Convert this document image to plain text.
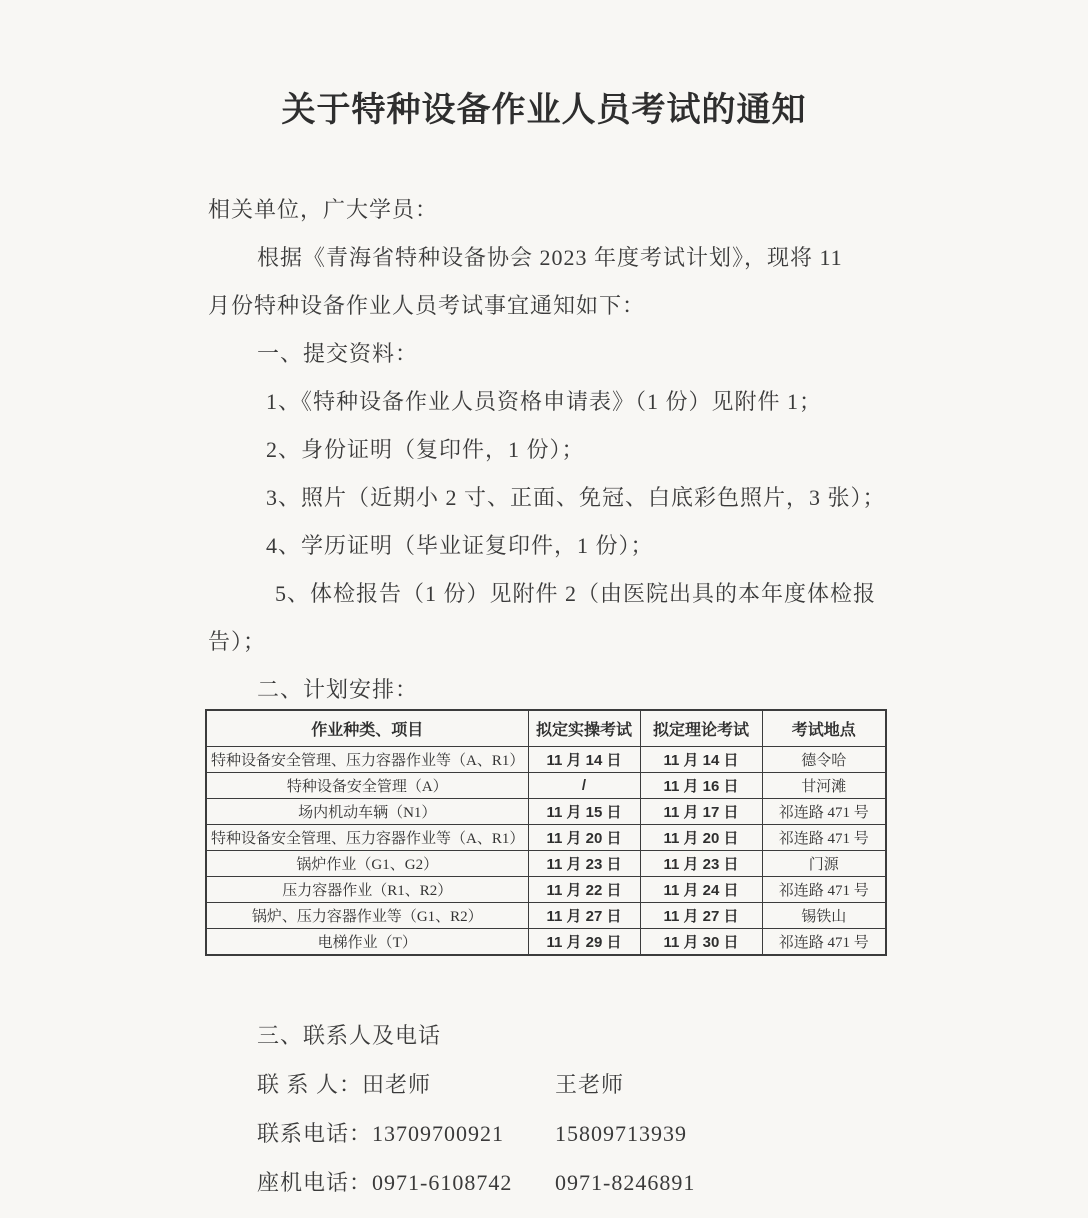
关于特种设备作业人员考试的通知

相关单位，广大学员：

根据《青海省特种设备协会 2023 年度考试计划》，现将 11

月份特种设备作业人员考试事宜通知如下：

一、提交资料：

1、《特种设备作业人员资格申请表》（1 份）见附件 1；

2、身份证明（复印件，1 份）；

3、照片（近期小 2 寸、正面、免冠、白底彩色照片，3 张）；

4、学历证明（毕业证复印件，1 份）；

5、体检报告（1 份）见附件 2（由医院出具的本年度体检报

告）；

二、计划安排：

作业种类、项目	拟定实操考试	拟定理论考试	考试地点
特种设备安全管理、压力容器作业等（A、R1）	11 月 14 日	11 月 14 日	德令哈
特种设备安全管理（A）	/	11 月 16 日	甘河滩
场内机动车辆（N1）	11 月 15 日	11 月 17 日	祁连路 471 号
特种设备安全管理、压力容器作业等（A、R1）	11 月 20 日	11 月 20 日	祁连路 471 号
锅炉作业（G1、G2）	11 月 23 日	11 月 23 日	门源
压力容器作业（R1、R2）	11 月 22 日	11 月 24 日	祁连路 471 号
锅炉、压力容器作业等（G1、R2）	11 月 27 日	11 月 27 日	锡铁山
电梯作业（T）	11 月 29 日	11 月 30 日	祁连路 471 号

三、联系人及电话

联 系 人：田老师	王老师

联系电话：13709700921 15809713939

座机电话：0971-6108742 0971-8246891
